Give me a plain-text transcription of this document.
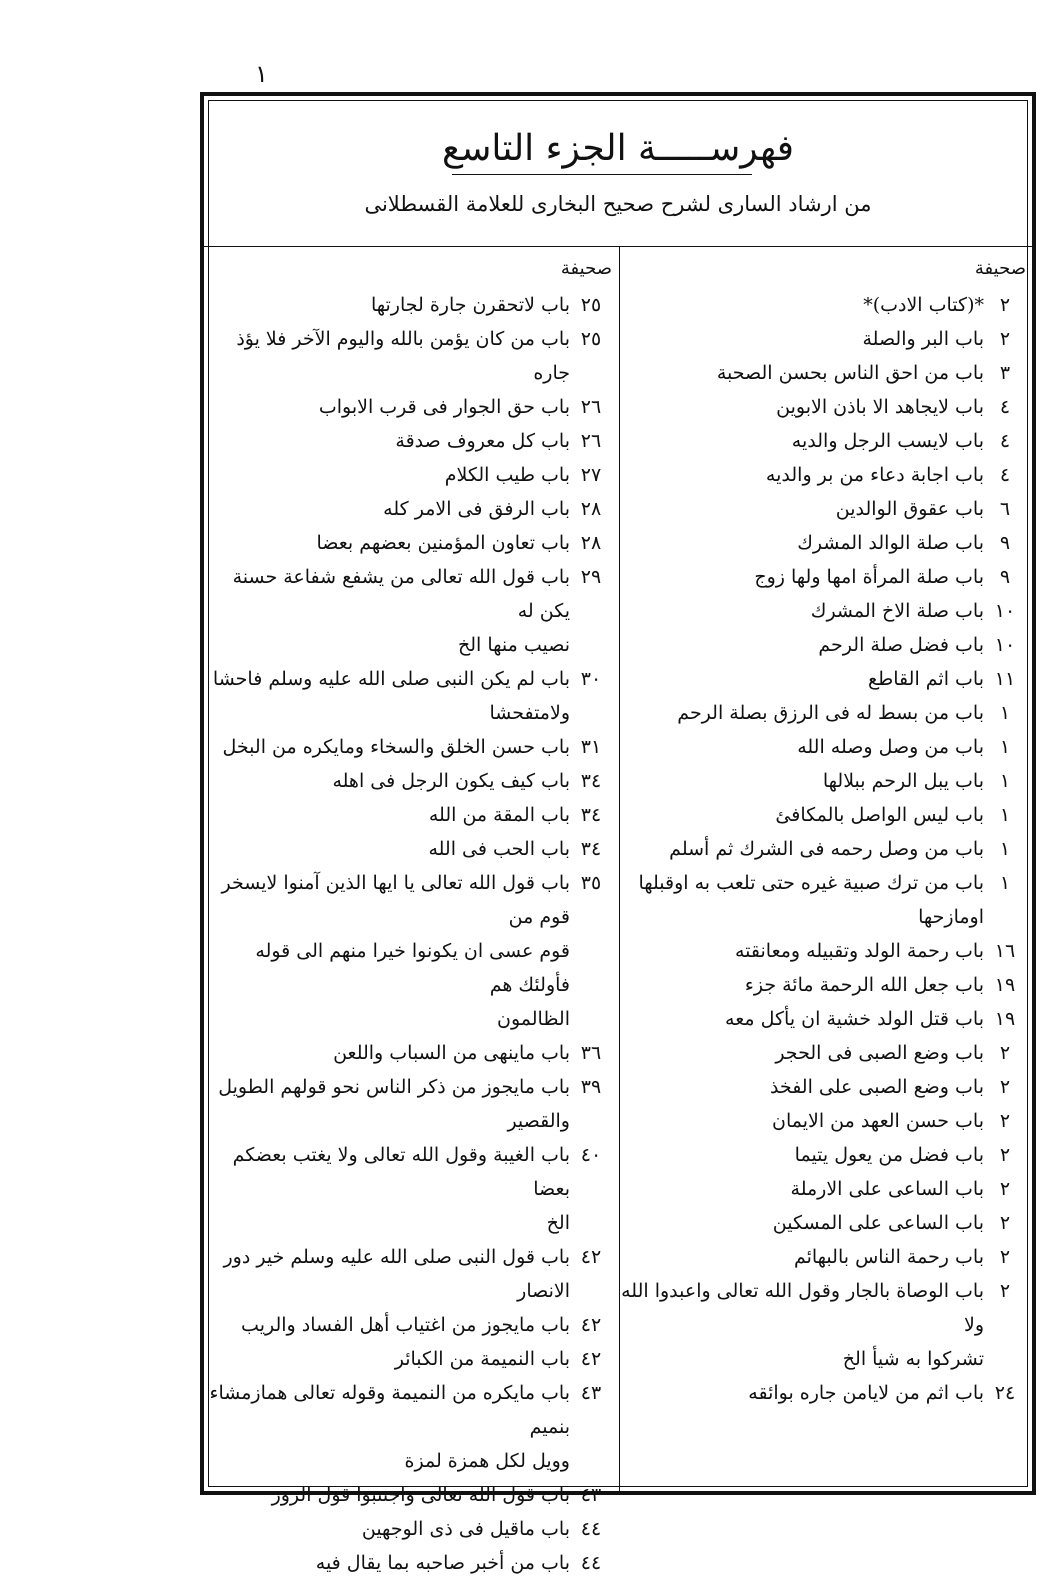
١
فهرســـــة الجزء التاسع
من ارشاد السارى لشرح صحيح البخارى للعلامة القسطلانى
صحيفة
صحيفة
٢
*(كتاب الادب)*
٢
باب البر والصلة
٣
باب من احق الناس بحسن الصحبة
٤
باب لايجاهد الا باذن الابوين
٤
باب لايسب الرجل والديه
٤
باب اجابة دعاء من بر والديه
٦
باب عقوق الوالدين
٩
باب صلة الوالد المشرك
٩
باب صلة المرأة امها ولها زوج
١٠
باب صلة الاخ المشرك
١٠
باب فضل صلة الرحم
١١
باب اثم القاطع
١
باب من بسط له فى الرزق بصلة الرحم
١
باب من وصل وصله الله
١
باب يبل الرحم ببلالها
١
باب ليس الواصل بالمكافئ
١
باب من وصل رحمه فى الشرك ثم أسلم
١
باب من ترك صبية غيره حتى تلعب به اوقبلها
اومازحها
١٦
باب رحمة الولد وتقبيله ومعانقته
١٩
باب جعل الله الرحمة مائة جزء
١٩
باب قتل الولد خشية ان يأكل معه
٢
باب وضع الصبى فى الحجر
٢
باب وضع الصبى على الفخذ
٢
باب حسن العهد من الايمان
٢
باب فضل من يعول يتيما
٢
باب الساعى على الارملة
٢
باب الساعى على المسكين
٢
باب رحمة الناس بالبهائم
٢
باب الوصاة بالجار وقول الله تعالى واعبدوا الله ولا
تشركوا به شيأ الخ
٢٤
باب اثم من لايامن جاره بوائقه
٢٥
باب لاتحقرن جارة لجارتها
٢٥
باب من كان يؤمن بالله واليوم الآخر فلا يؤذ جاره
٢٦
باب حق الجوار فى قرب الابواب
٢٦
باب كل معروف صدقة
٢٧
باب طيب الكلام
٢٨
باب الرفق فى الامر كله
٢٨
باب تعاون المؤمنين بعضهم بعضا
٢٩
باب قول الله تعالى من يشفع شفاعة حسنة يكن له
نصيب منها الخ
٣٠
باب لم يكن النبى صلى الله عليه وسلم فاحشا
ولامتفحشا
٣١
باب حسن الخلق والسخاء ومايكره من البخل
٣٤
باب كيف يكون الرجل فى اهله
٣٤
باب المقة من الله
٣٤
باب الحب فى الله
٣٥
باب قول الله تعالى يا ايها الذين آمنوا لايسخر قوم من
قوم عسى ان يكونوا خيرا منهم الى قوله فأولئك هم
الظالمون
٣٦
باب ماينهى من السباب واللعن
٣٩
باب مايجوز من ذكر الناس نحو قولهم الطويل
والقصير
٤٠
باب الغيبة وقول الله تعالى ولا يغتب بعضكم بعضا
الخ
٤٢
باب قول النبى صلى الله عليه وسلم خير دور الانصار
٤٢
باب مايجوز من اغتياب أهل الفساد والريب
٤٢
باب النميمة من الكبائر
٤٣
باب مايكره من النميمة وقوله تعالى همازمشاء بنميم
وويل لكل همزة لمزة
٤٣
باب قول الله تعالى واجتنبوا قول الزور
٤٤
باب ماقيل فى ذى الوجهين
٤٤
باب من أخبر صاحبه بما يقال فيه
